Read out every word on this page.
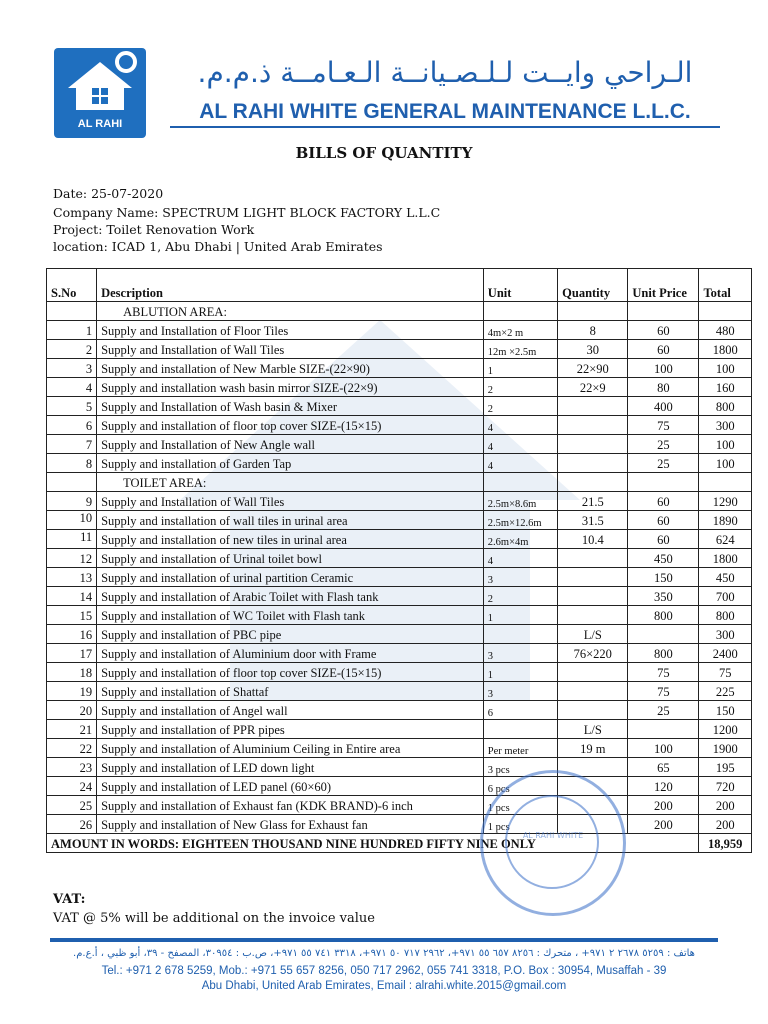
AL RAHI
الـراحي وايــت لـلـصـيانــة الـعـامــة ذ.م.م.
AL RAHI WHITE GENERAL MAINTENANCE L.L.C.
BILLS OF QUANTITY
Date: 25-07-2020
Company Name: SPECTRUM LIGHT BLOCK FACTORY L.L.C
Project: Toilet Renovation Work
location: ICAD 1, Abu Dhabi | United Arab Emirates
S.No	Description	Unit	Quantity	Unit Price	Total
	ABLUTION AREA:				
1	Supply and Installation of Floor Tiles	4m×2 m	8	60	480
2	Supply and Installation of Wall Tiles	12m ×2.5m	30	60	1800
3	Supply and installation of New Marble SIZE-(22×90)	1	22×90	100	100
4	Supply and installation wash basin mirror SIZE-(22×9)	2	22×9	80	160
5	Supply and Installation of Wash basin & Mixer	2		400	800
6	Supply and installation of floor top cover SIZE-(15×15)	4		75	300
7	Supply and Installation of New Angle wall	4		25	100
8	Supply and installation of Garden Tap	4		25	100
	TOILET AREA:				
9	Supply and Installation of Wall Tiles	2.5m×8.6m	21.5	60	1290
10	Supply and installation of wall tiles in urinal area	2.5m×12.6m	31.5	60	1890
11	Supply and installation of new tiles in urinal area	2.6m×4m	10.4	60	624
12	Supply and installation of Urinal toilet bowl	4		450	1800
13	Supply and installation of urinal partition Ceramic	3		150	450
14	Supply and installation of Arabic Toilet with Flash tank	2		350	700
15	Supply and installation of WC Toilet with Flash tank	1		800	800
16	Supply and installation of PBC pipe		L/S		300
17	Supply and installation of Aluminium door with Frame	3	76×220	800	2400
18	Supply and installation of floor top cover SIZE-(15×15)	1		75	75
19	Supply and installation of Shattaf	3		75	225
20	Supply and installation of Angel wall	6		25	150
21	Supply and installation of PPR pipes		L/S		1200
22	Supply and installation of Aluminium Ceiling in Entire area	Per meter	19 m	100	1900
23	Supply and installation of LED down light	3 pcs		65	195
24	Supply and installation of LED panel (60×60)	6 pcs		120	720
25	Supply and installation of Exhaust fan (KDK BRAND)-6 inch	1 pcs		200	200
26	Supply and installation of New Glass for Exhaust fan	1 pcs		200	200
AMOUNT IN WORDS: EIGHTEEN THOUSAND NINE HUNDRED FIFTY NINE ONLY					18,959
AL RAHI WHITE
VAT:
VAT @ 5% will be additional on the invoice value
هاتف : ٥٢٥٩ ٢٦٧٨ ٢ ٩٧١+ ، متحرك : ٨٢٥٦ ٦٥٧ ٥٥ ٩٧١+، ٢٩٦٢ ٧١٧ ٥٠ ٩٧١+، ٣٣١٨ ٧٤١ ٥٥ ٩٧١+، ص.ب : ٣٠٩٥٤، المصفح - ٣٩، أبو ظبي ، أ.ع.م.
Tel.: +971 2 678 5259, Mob.: +971 55 657 8256, 050 717 2962, 055 741 3318, P.O. Box : 30954, Musaffah - 39
Abu Dhabi, United Arab Emirates, Email : alrahi.white.2015@gmail.com
